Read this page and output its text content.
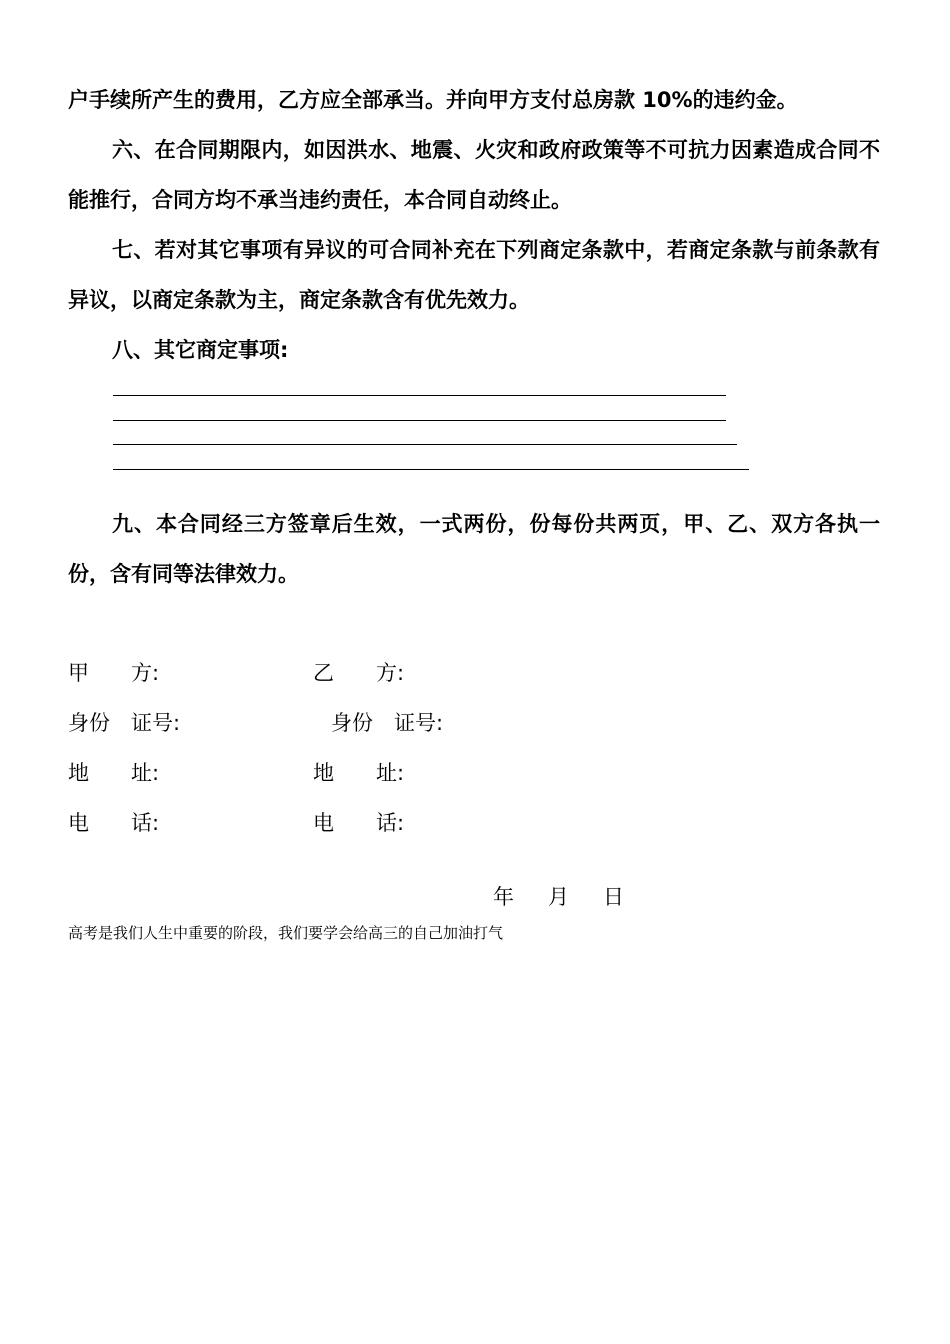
户手续所产生的费用，乙方应全部承当。并向甲方支付总房款 10%的违约金。

六、在合同期限内，如因洪水、地震、火灾和政府政策等不可抗力因素造成合同不能推行，合同方均不承当违约责任，本合同自动终止。

七、若对其它事项有异议的可合同补充在下列商定条款中，若商定条款与前条款有异议，以商定条款为主，商定条款含有优先效力。

八、其它商定事项:

九、本合同经三方签章后生效，一式两份，份每份共两页，甲、乙、双方各执一份，含有同等法律效力。

甲　　方:	乙　　方:

身份　证号:	身份　证号:

地　　址:	地　　址:

电　　话:	电　　话:

年 月 日

高考是我们人生中重要的阶段，我们要学会给高三的自己加油打气
